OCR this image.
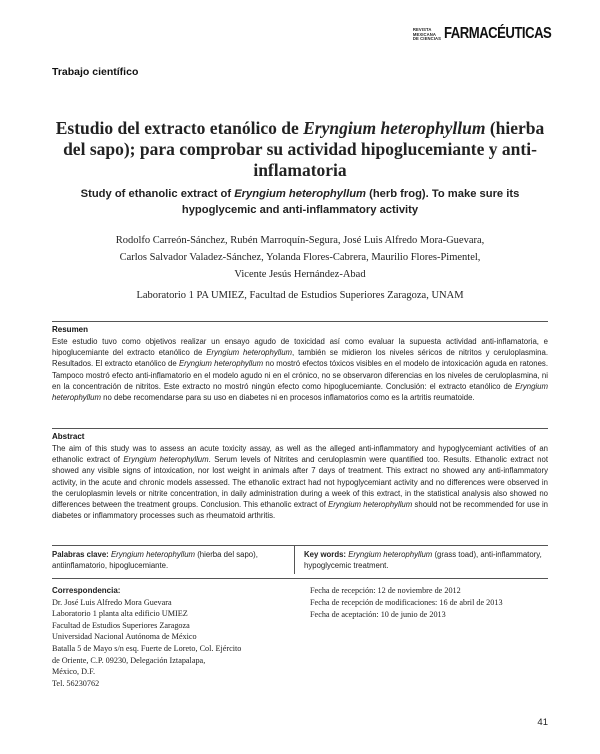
REVISTA
MEXICANA
DE CIENCIAS FARMACÉUTICAS
Trabajo científico
Estudio del extracto etanólico de Eryngium heterophyllum (hierba del sapo); para comprobar su actividad hipoglucemiante y anti-inflamatoria
Study of ethanolic extract of Eryngium heterophyllum (herb frog). To make sure its hypoglycemic and anti-inflammatory activity
Rodolfo Carreón-Sánchez, Rubén Marroquín-Segura, José Luis Alfredo Mora-Guevara,
Carlos Salvador Valadez-Sánchez, Yolanda Flores-Cabrera, Maurilio Flores-Pimentel,
Vicente Jesús Hernández-Abad
Laboratorio 1 PA UMIEZ, Facultad de Estudios Superiores Zaragoza, UNAM
Resumen
Este estudio tuvo como objetivos realizar un ensayo agudo de toxicidad así como evaluar la supuesta actividad anti-inflamatoria, e hipoglucemiante del extracto etanólico de Eryngium heterophyllum, también se midieron los niveles séricos de nitritos y ceruloplasmina. Resultados. El extracto etanólico de Eryngium heterophyllum no mostró efectos tóxicos visibles en el modelo de intoxicación aguda en ratones. Tampoco mostró efecto anti-inflamatorio en el modelo agudo ni en el crónico, no se observaron diferencias en los niveles de ceruloplasmina, ni en la concentración de nitritos. Este extracto no mostró ningún efecto como hipoglucemiante. Conclusión: el extracto etanólico de Eryngium heterophyllum no debe recomendarse para su uso en diabetes ni en procesos inflamatorios como es la artritis reumatoide.
Abstract
The aim of this study was to assess an acute toxicity assay, as well as the alleged anti-inflammatory and hypoglycemiant activities of an ethanolic extract of Eryngium heterophyllum. Serum levels of Nitrites and ceruloplasmin were quantified too. Results. Ethanolic extract not showed any visible signs of intoxication, nor lost weight in animals after 7 days of treatment. This extract no showed any anti-inflammatory activity, in the acute and chronic models assessed. The ethanolic extract had not hypoglycemiant activity and no differences were observed in the ceruloplasmin levels or nitrite concentration, in daily administration during a week of this extract, in the statistical analysis also showed no differences between the treatment groups. Conclusion. This ethanolic extract of Eryngium heterophyllum should not be recommended for use in diabetes or inflammatory processes such as rheumatoid arthritis.
Palabras clave: Eryngium heterophyllum (hierba del sapo), antiinflamatorio, hipoglucemiante.
Key words: Eryngium heterophyllum (grass toad), anti-inflammatory, hypoglycemic treatment.
Correspondencia:
Dr. José Luis Alfredo Mora Guevara
Laboratorio 1 planta alta edificio UMIEZ
Facultad de Estudios Superiores Zaragoza
Universidad Nacional Autónoma de México
Batalla 5 de Mayo s/n esq. Fuerte de Loreto, Col. Ejército
de Oriente, C.P. 09230, Delegación Iztapalapa,
México, D.F.
Tel. 56230762
Fecha de recepción: 12 de noviembre de 2012
Fecha de recepción de modificaciones: 16 de abril de 2013
Fecha de aceptación: 10 de junio de 2013
41
